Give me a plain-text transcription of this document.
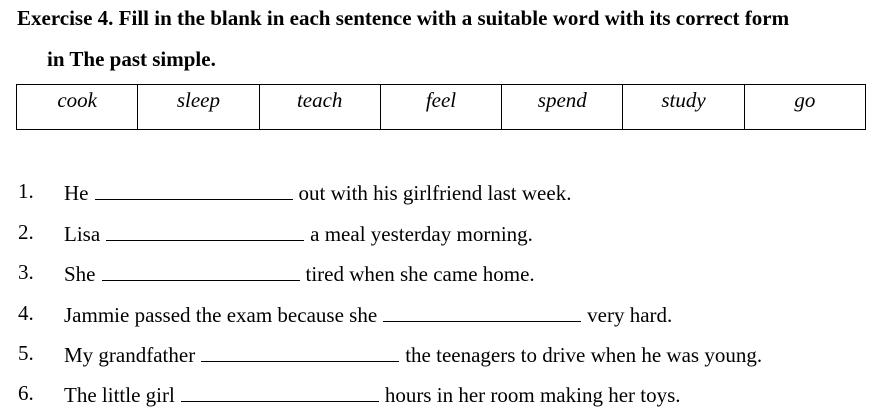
Exercise 4. Fill in the blank in each sentence with a suitable word with its correct form
in The past simple.
cook	sleep	teach	feel	spend	study	go
1. He	out with his girlfriend last week.
2. Lisa	a meal yesterday morning.
3. She	tired when she came home.
4. Jammie passed the exam because she	very hard.
5. My grandfather	the teenagers to drive when he was young.
6. The little girl	hours in her room making her toys.
